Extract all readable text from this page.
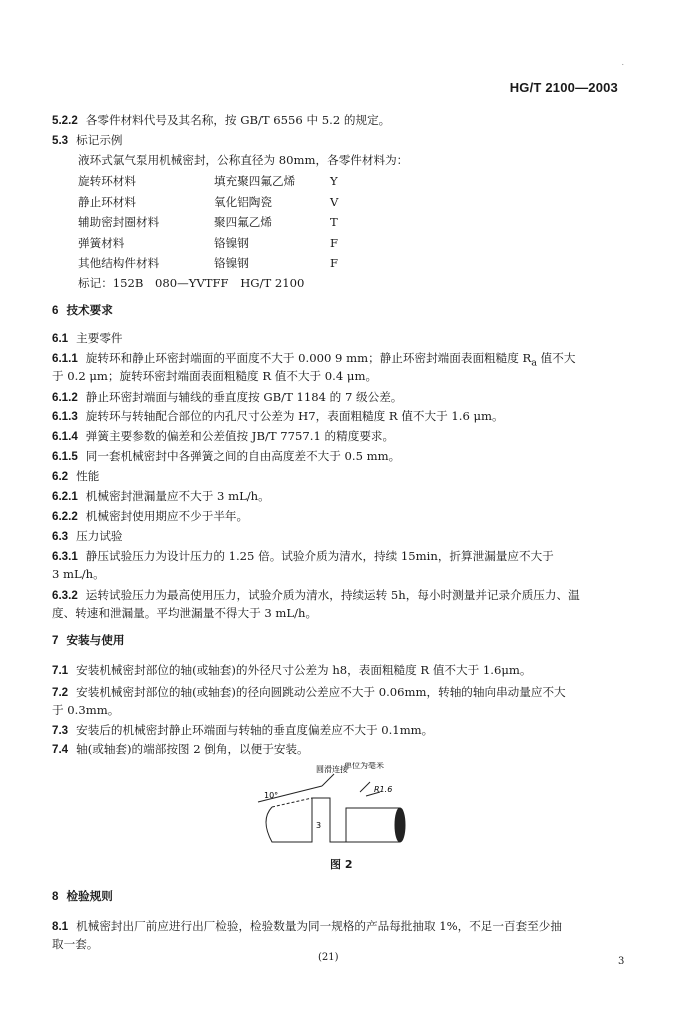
.
HG/T 2100—2003
5.2.2 各零件材料代号及其名称，按 GB/T 6556 中 5.2 的规定。
5.3 标记示例
液环式氯气泵用机械密封，公称直径为 80mm，各零件材料为：
旋转环材料	填充聚四氟乙烯	Y
静止环材料	氧化铝陶瓷	V
辅助密封圈材料	聚四氟乙烯	T
弹簧材料	铬镍钢	F
其他结构件材料	铬镍钢	F
标记：152B　080—YVTFF　HG/T 2100
6 技术要求
6.1 主要零件
6.1.1 旋转环和静止环密封端面的平面度不大于 0.000 9 mm；静止环密封端面表面粗糙度 $R_a$ 值不大
于 0.2 μm；旋转环密封端面表面粗糙度 R 值不大于 0.4 μm。
6.1.2 静止环密封端面与辅线的垂直度按 GB/T 1184 的 7 级公差。
6.1.3 旋转环与转轴配合部位的内孔尺寸公差为 H7，表面粗糙度 R 值不大于 1.6 μm。
6.1.4 弹簧主要参数的偏差和公差值按 JB/T 7757.1 的精度要求。
6.1.5 同一套机械密封中各弹簧之间的自由高度差不大于 0.5 mm。
6.2 性能
6.2.1 机械密封泄漏量应不大于 3 mL/h。
6.2.2 机械密封使用期应不少于半年。
6.3 压力试验
6.3.1 静压试验压力为设计压力的 1.25 倍。试验介质为清水，持续 15min，折算泄漏量应不大于
3 mL/h。
6.3.2 运转试验压力为最高使用压力，试验介质为清水，持续运转 5h，每小时测量并记录介质压力、温
度、转速和泄漏量。平均泄漏量不得大于 3 mL/h。
7 安装与使用
7.1 安装机械密封部位的轴(或轴套)的外径尺寸公差为 h8，表面粗糙度 R 值不大于 1.6μm。
7.2 安装机械密封部位的轴(或轴套)的径向圆跳动公差应不大于 0.06mm，转轴的轴向串动量应不大
于 0.3mm。
7.3 安装后的机械密封静止环端面与转轴的垂直度偏差应不大于 0.1mm。
7.4 轴(或轴套)的端部按图 2 倒角，以便于安装。
10°
圆滑连接
R1.6
单位为毫米
3
图 2
8 检验规则
8.1 机械密封出厂前应进行出厂检验，检验数量为同一规格的产品每批抽取 1%，不足一百套至少抽
取一套。
(21)	3
